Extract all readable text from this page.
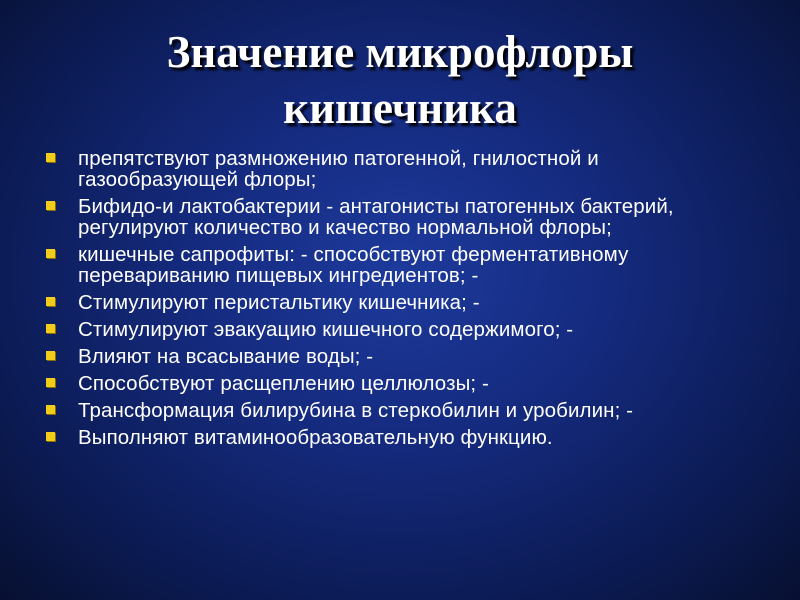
Значение микрофлоры
кишечника
препятствуют размножению патогенной, гнилостной и газообразующей флоры;
Бифидо-и лактобактерии - антагонисты патогенных бактерий, регулируют количество и качество нормальной флоры;
кишечные сапрофиты: - способствуют ферментативному перевариванию пищевых ингредиентов; -
Стимулируют перистальтику кишечника; -
Стимулируют эвакуацию кишечного содержимого; -
Влияют на всасывание воды; -
Способствуют расщеплению целлюлозы; -
Трансформация билирубина в стеркобилин и уробилин; -
Выполняют витаминообразовательную функцию.
